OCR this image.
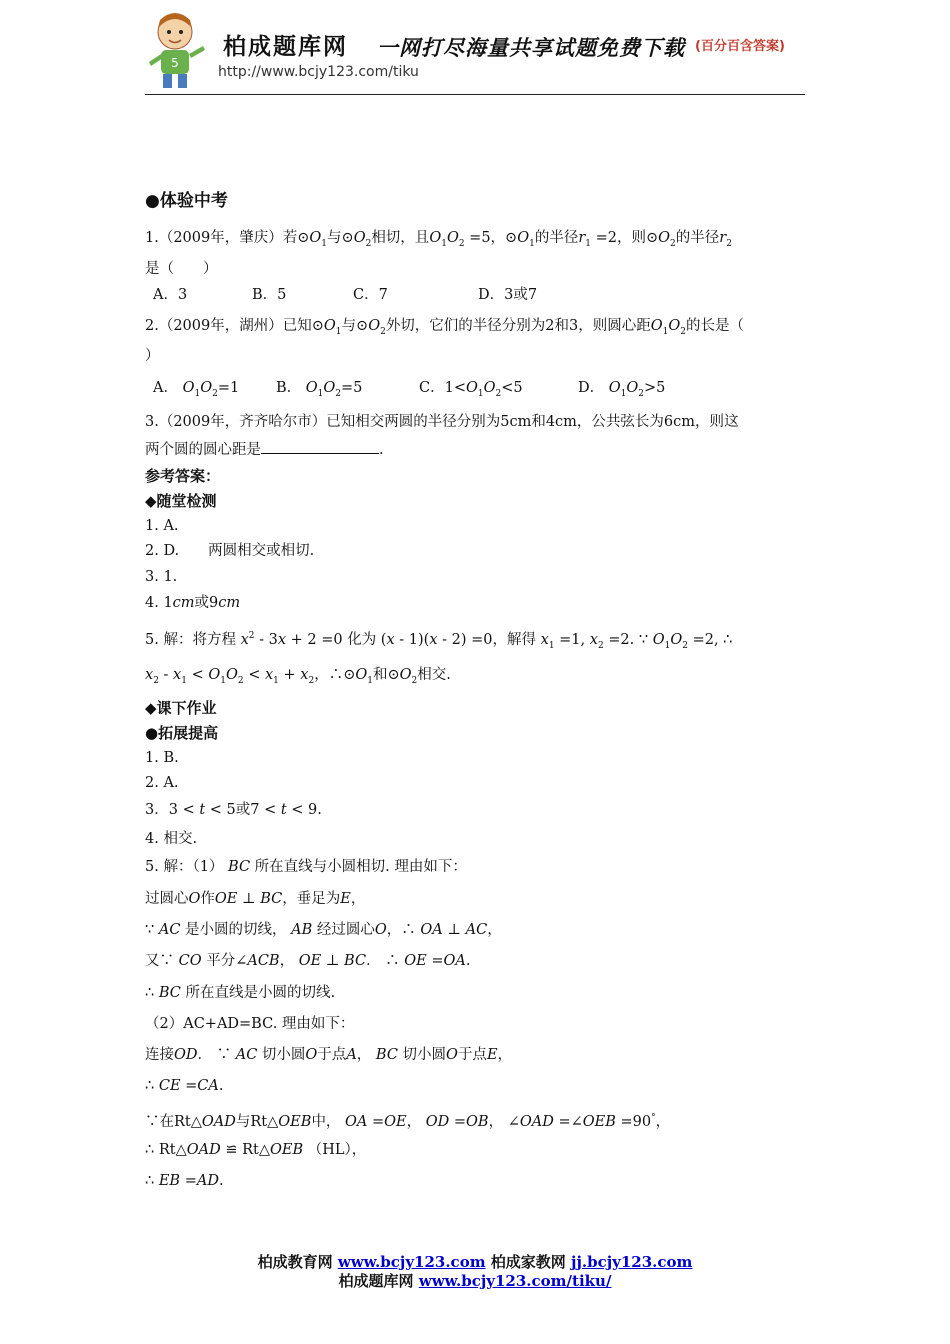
5
柏成题库网 一网打尽海量共享试题免费下载 (百分百含答案)
http://www.bcjy123.com/tiku
●体验中考
1.（2009年，肇庆）若$⊙O_1$与$⊙O_2$相切，且$O_1O_2 =5$，$⊙O_1$的半径$r_1 =2$，则$⊙O_2$的半径$r_2$
是（　　）
A．3	B．5	C．7	D．3或7
2.（2009年，湖州）已知$⊙O_1$与$⊙O_2$外切，它们的半径分别为2和3，则圆心距$O_1O_2$的长是（
）
A． $O_1O_2=1$	B． $O_1O_2=5$	C．$1<O_1O_2<5$	D． $O_1O_2>5$
3.（2009年，齐齐哈尔市）已知相交两圆的半径分别为5cm和4cm，公共弦长为6cm，则这
两个圆的圆心距是	.
参考答案：
◆随堂检测
1. A.
2. D.　　两圆相交或相切.
3. 1.
4. 1cm或9cm
5. 解：将方程 $x^2 - 3x + 2 =0$ 化为 (x - 1)(x - 2) =0，解得 $x_1 =1$, $x_2 =2$. ∵ $O_1O_2 =2$, ∴
$x_2 - x_1 < O_1O_2 < x_1 + x_2$，$\therefore⊙O_1$和$⊙O_2$相交.
◆课下作业
●拓展提高
1. B.
2. A.
3．3 < t < 5或7 < t < 9.
4. 相交.
5. 解：（1） BC 所在直线与小圆相切. 理由如下：
过圆心O作OE ⊥ BC，垂足为E，
∵ AC 是小圆的切线， AB 经过圆心O，∴ OA ⊥ AC，
又∵ CO 平分∠ACB， OE ⊥ BC． ∴ OE =OA.
∴ BC 所在直线是小圆的切线.
（2）AC+AD=BC. 理由如下：
连接OD． ∵ AC 切小圆O于点A， BC 切小圆O于点E，
∴ CE =CA.
∵在Rt△OAD与Rt△OEB中， OA =OE， OD =OB， ∠OAD =∠OEB =90°，
∴ Rt△OAD ≌ Rt△OEB （HL），
∴ EB =AD.
柏成教育网 www.bcjy123.com 柏成家教网 jj.bcjy123.com
柏成题库网 www.bcjy123.com/tiku/
